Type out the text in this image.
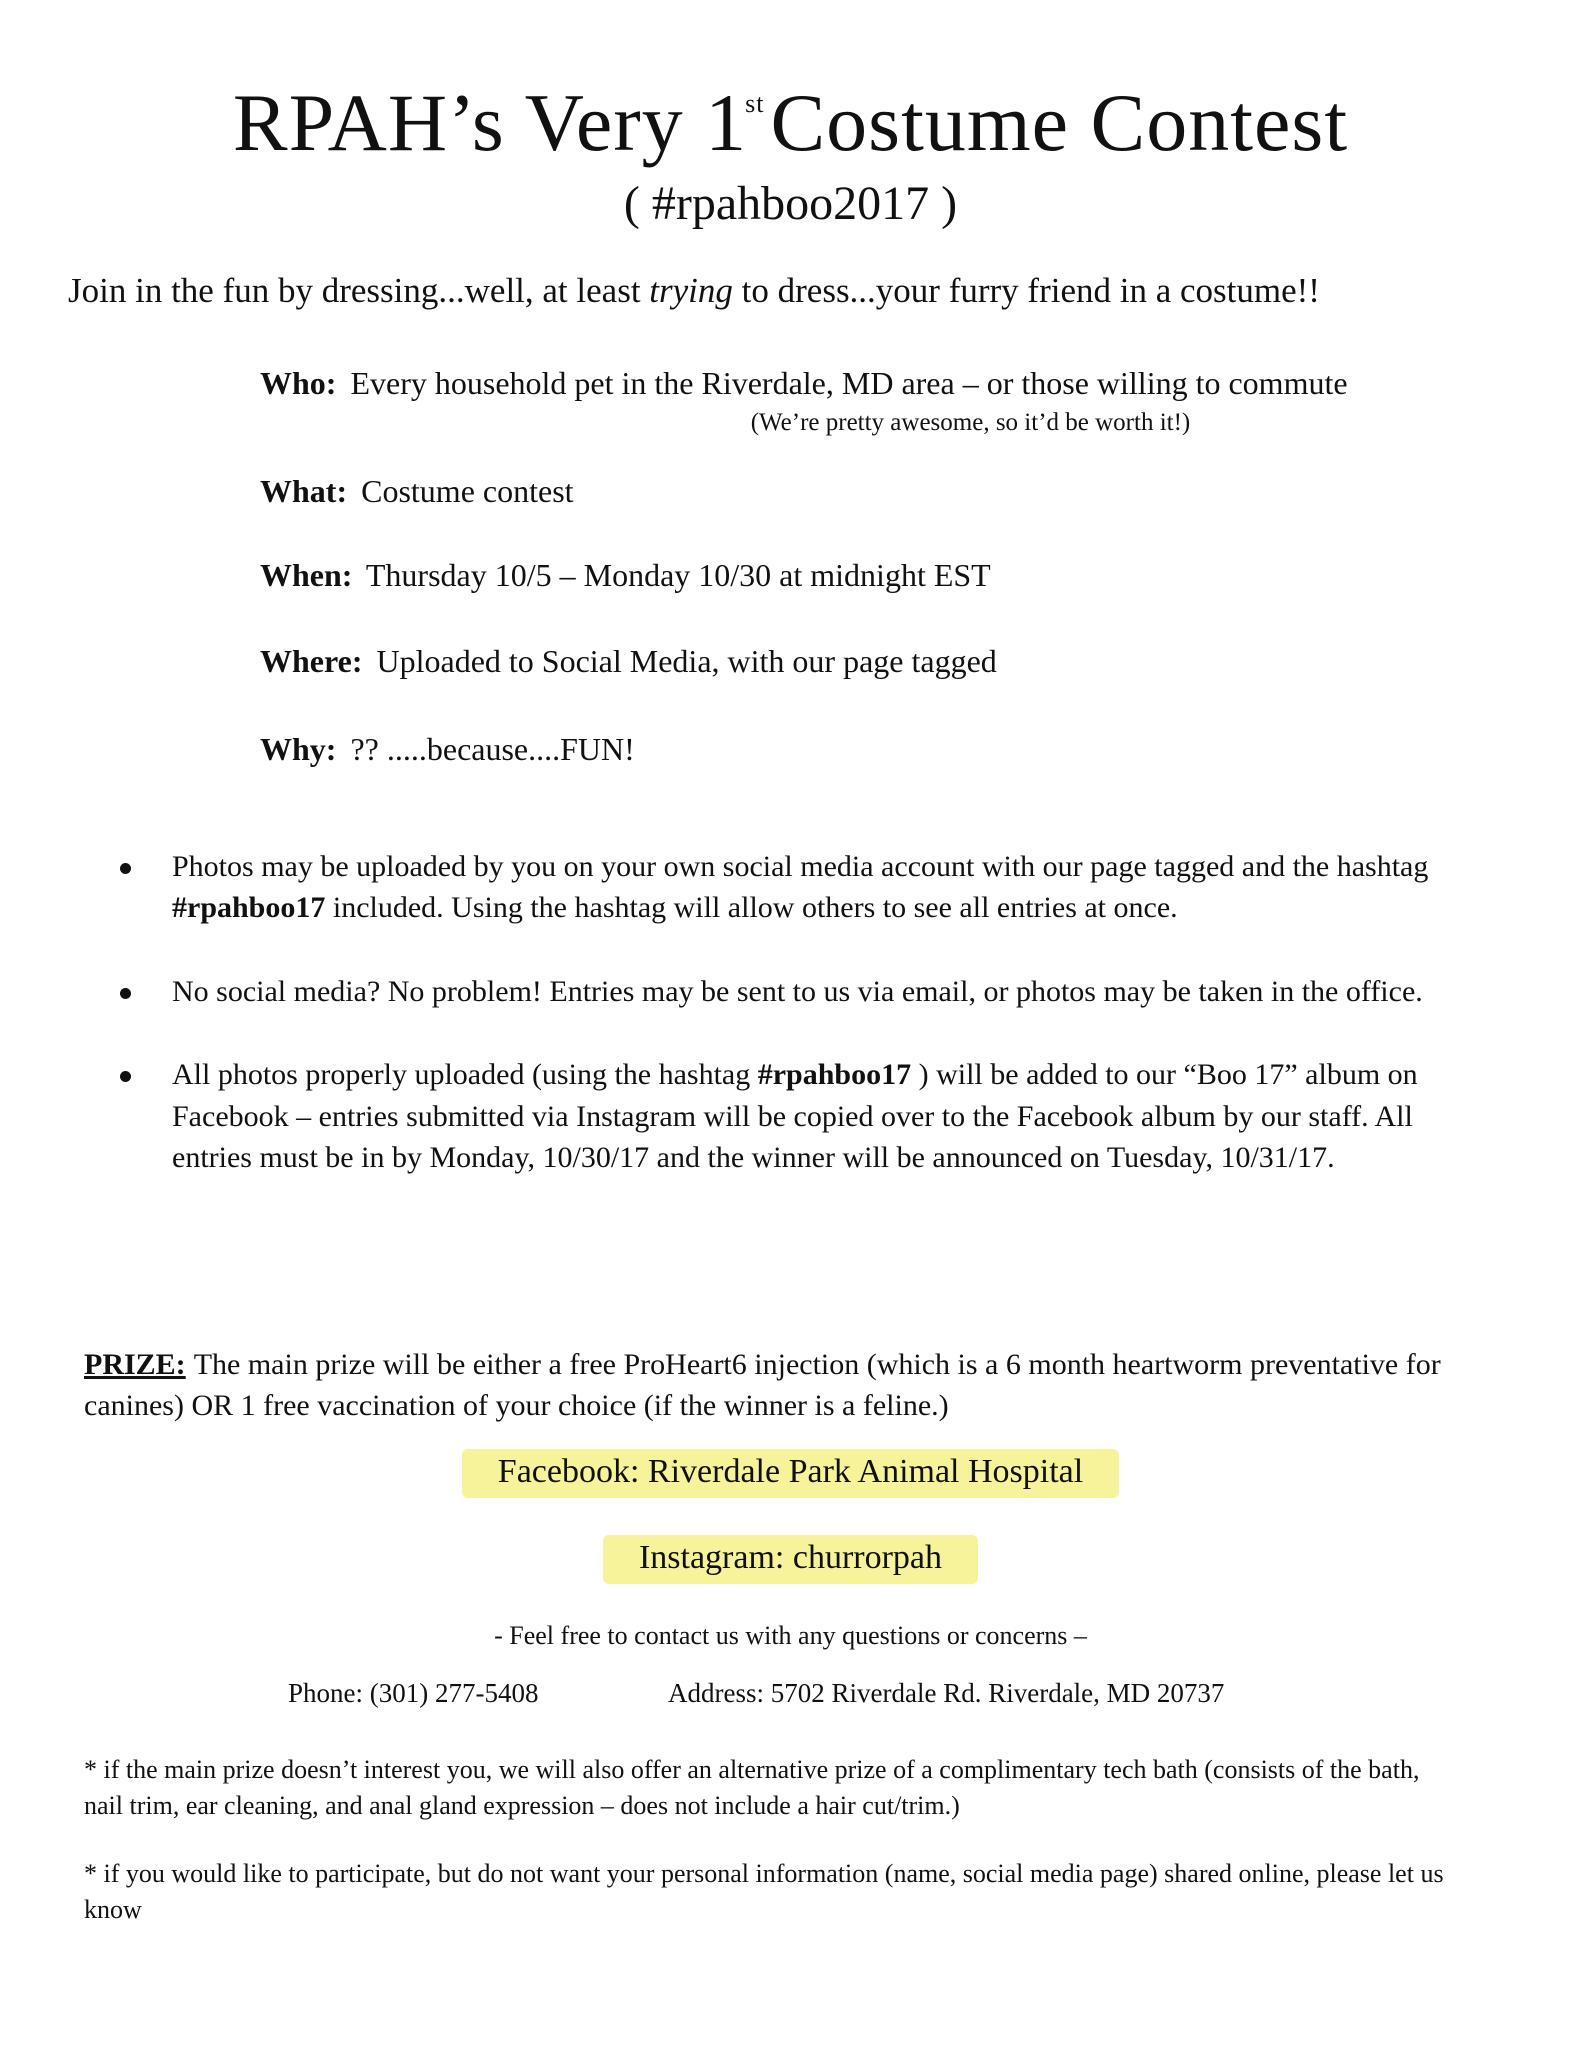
RPAH’s Very 1stCostume Contest
( #rpahboo2017 )
Join in the fun by dressing...well, at least trying to dress...your furry friend in a costume!!
Who: Every household pet in the Riverdale, MD area – or those willing to commute
(We’re pretty awesome, so it’d be worth it!)
What: Costume contest
When: Thursday 10/5 – Monday 10/30 at midnight EST
Where: Uploaded to Social Media, with our page tagged
Why: ?? .....because....FUN!
Photos may be uploaded by you on your own social media account with our page tagged and the hashtag #rpahboo17 included. Using the hashtag will allow others to see all entries at once.
No social media? No problem! Entries may be sent to us via email, or photos may be taken in the office.
All photos properly uploaded (using the hashtag #rpahboo17 ) will be added to our “Boo 17” album on Facebook – entries submitted via Instagram will be copied over to the Facebook album by our staff. All entries must be in by Monday, 10/30/17 and the winner will be announced on Tuesday, 10/31/17.
PRIZE: The main prize will be either a free ProHeart6 injection (which is a 6 month heartworm preventative for canines) OR 1 free vaccination of your choice (if the winner is a feline.)
Facebook: Riverdale Park Animal Hospital
Instagram: churrorpah
- Feel free to contact us with any questions or concerns –
Phone: (301) 277-5408	Address: 5702 Riverdale Rd. Riverdale, MD 20737
* if the main prize doesn’t interest you, we will also offer an alternative prize of a complimentary tech bath (consists of the bath, nail trim, ear cleaning, and anal gland expression – does not include a hair cut/trim.)
* if you would like to participate, but do not want your personal information (name, social media page) shared online, please let us know
